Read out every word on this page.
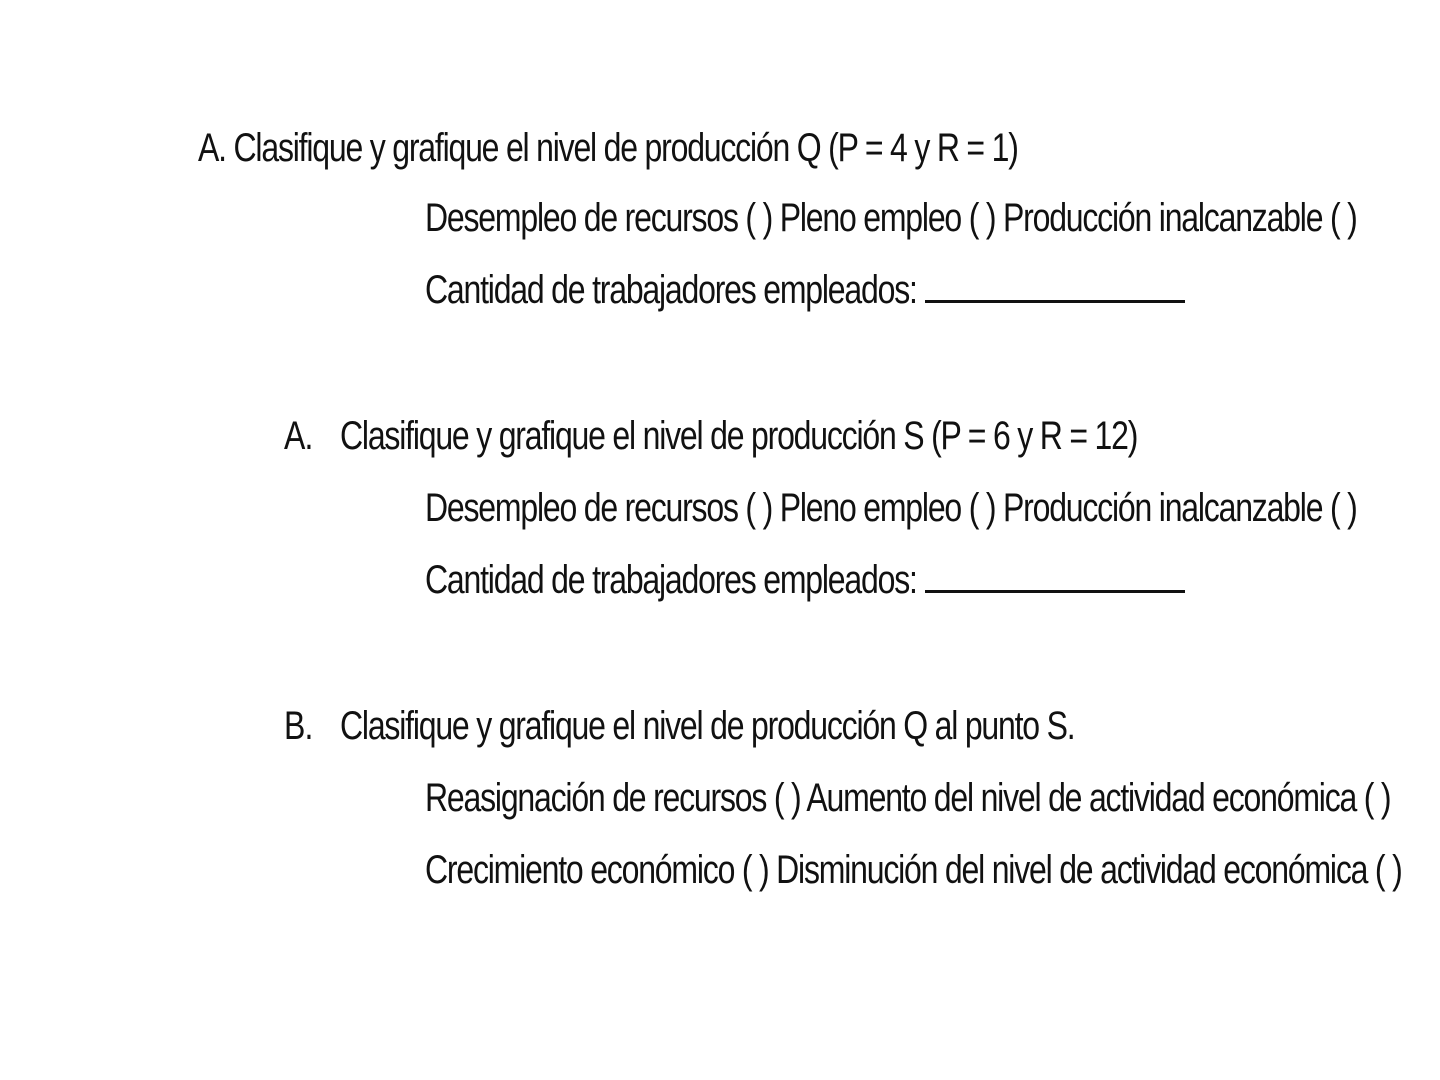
A. Clasifique y grafique el nivel de producción Q (P = 4 y R = 1)
Desempleo de recursos ( ) Pleno empleo ( ) Producción inalcanzable ( )
Cantidad de trabajadores empleados:
A. Clasifique y grafique el nivel de producción S (P = 6 y R = 12)
Desempleo de recursos ( ) Pleno empleo ( ) Producción inalcanzable ( )
Cantidad de trabajadores empleados:
B. Clasifique y grafique el nivel de producción Q al punto S.
Reasignación de recursos ( ) Aumento del nivel de actividad económica ( )
Crecimiento económico ( ) Disminución del nivel de actividad económica ( )
